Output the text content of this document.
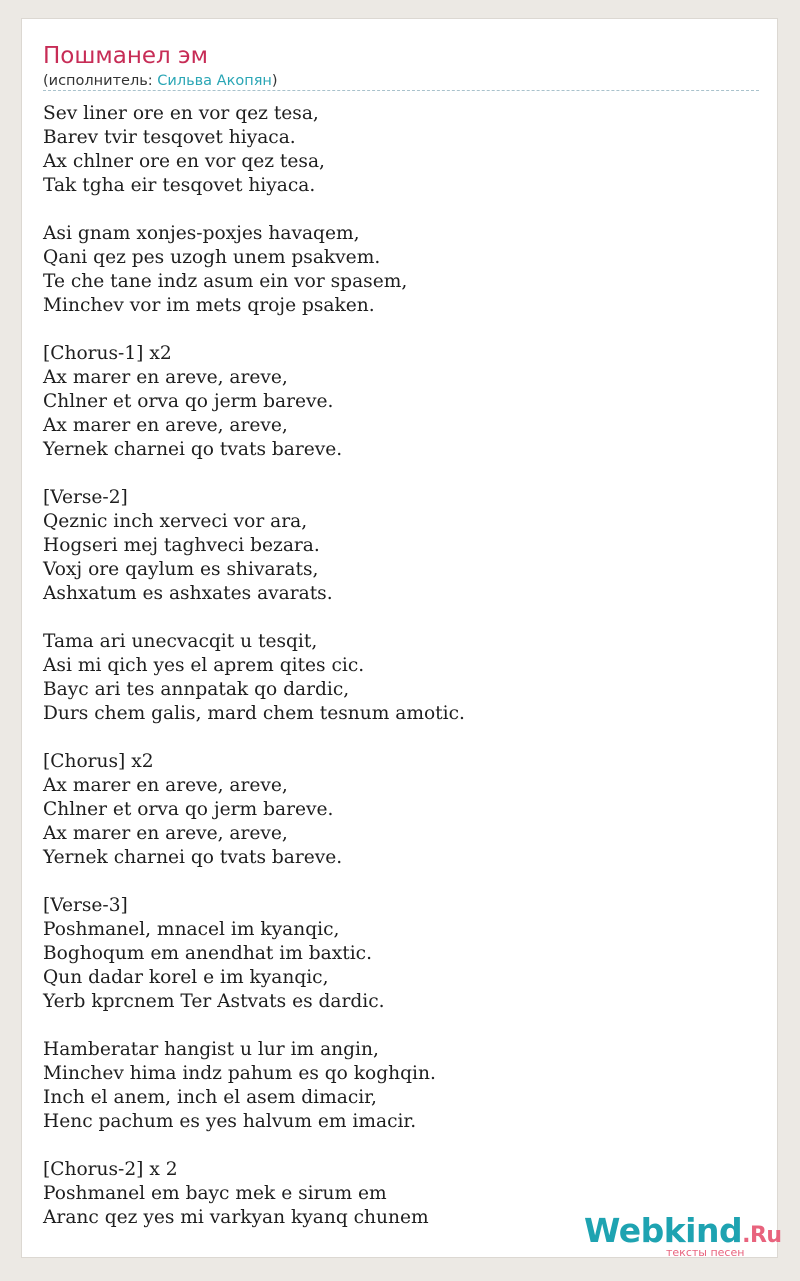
Пошманел эм
(исполнитель: Сильва Акопян)
Sev liner ore en vor qez tesa,
Barev tvir tesqovet hiyaca.
Ax chlner ore en vor qez tesa,
Tak tgha eir tesqovet hiyaca.
Asi gnam xonjes-poxjes havaqem,
Qani qez pes uzogh unem psakvem.
Te che tane indz asum ein vor spasem,
Minchev vor im mets qroje psaken.
[Chorus-1] x2
Ax marer en areve, areve,
Chlner et orva qo jerm bareve.
Ax marer en areve, areve,
Yernek charnei qo tvats bareve.
[Verse-2]
Qeznic inch xerveci vor ara,
Hogseri mej taghveci bezara.
Voxj ore qaylum es shivarats,
Ashxatum es ashxates avarats.
Tama ari unecvacqit u tesqit,
Asi mi qich yes el aprem qites cic.
Bayc ari tes annpatak qo dardic,
Durs chem galis, mard chem tesnum amotic.
[Chorus] x2
Ax marer en areve, areve,
Chlner et orva qo jerm bareve.
Ax marer en areve, areve,
Yernek charnei qo tvats bareve.
[Verse-3]
Poshmanel, mnacel im kyanqic,
Boghoqum em anendhat im baxtic.
Qun dadar korel e im kyanqic,
Yerb kprcnem Ter Astvats es dardic.
Hamberatar hangist u lur im angin,
Minchev hima indz pahum es qo koghqin.
Inch el anem, inch el asem dimacir,
Henc pachum es yes halvum em imacir.
[Chorus-2] x 2
Poshmanel em bayc mek e sirum em
Aranc qez yes mi varkyan kyanq chunem	Webkind.Ru
тексты песен
